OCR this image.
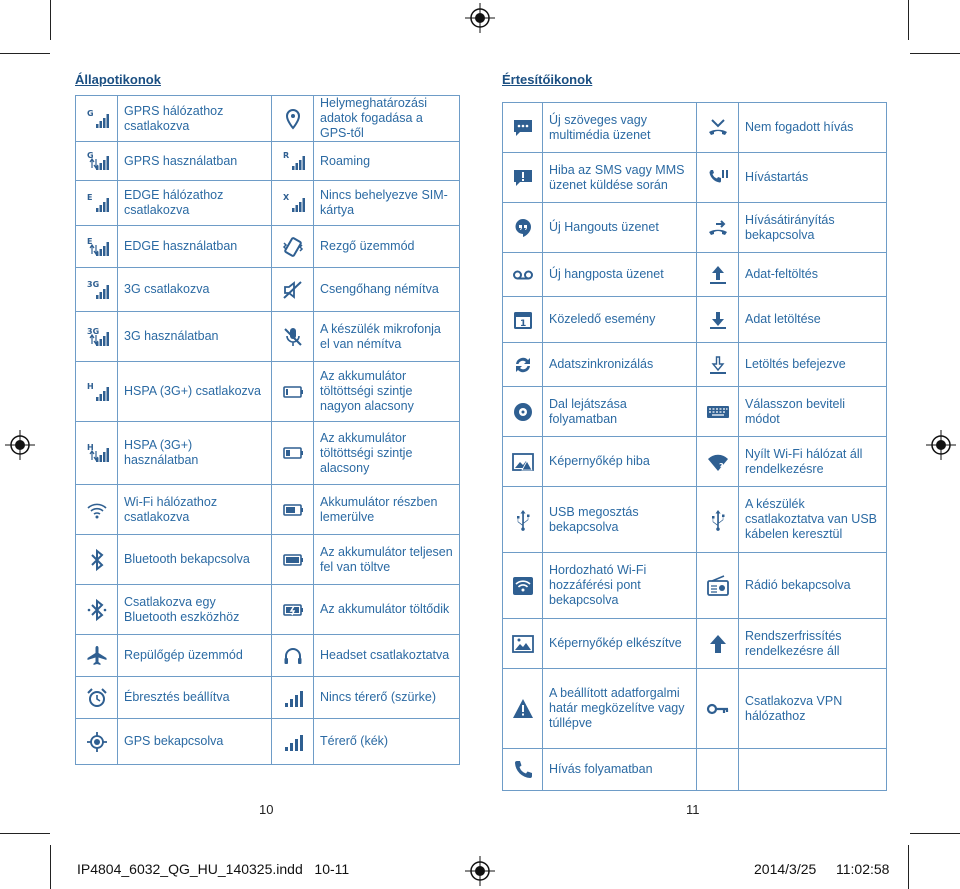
Állapotikonok	Értesítőikonok
G	GPRS hálózathoz csatlakozva		Helymeghatározási adatok fogadása a GPS-től

G	GPRS használatban	R	Roaming

E	EDGE hálózathoz csatlakozva	X	Nincs behelyezve SIM-kártya

E	EDGE használatban		Rezgő üzemmód

3G	3G csatlakozva		Csengőhang némítva

3G	3G használatban		A készülék mikrofonja el van némítva

H	HSPA (3G+) csatlakozva		Az akkumulátor töltöttségi szintje nagyon alacsony

H	HSPA (3G+) használatban		Az akkumulátor töltöttségi szintje alacsony

	Wi-Fi hálózathoz csatlakozva		Akkumulátor részben lemerülve

	Bluetooth bekapcsolva		Az akkumulátor teljesen fel van töltve

	Csatlakozva egy Bluetooth eszközhöz		Az akkumulátor töltődik

	Repülőgép üzemmód		Headset csatlakoztatva

	Ébresztés beállítva		Nincs térerő (szürke)

	GPS bekapcsolva		Térerő (kék)
	Új szöveges vagy multimédia üzenet		Nem fogadott hívás

	Hiba az SMS vagy MMS üzenet küldése során		Hívástartás

	Új Hangouts üzenet		Hívásátirányítás bekapcsolva

	Új hangposta üzenet		Adat-feltöltés

1	Közeledő esemény		Adat letöltése

	Adatszinkronizálás		Letöltés befejezve

	Dal lejátszása folyamatban		Válasszon beviteli módot

	Képernyőkép hiba	?	Nyílt Wi-Fi hálózat áll rendelkezésre

	USB megosztás bekapcsolva		A készülék csatlakoztatva van USB kábelen keresztül

	Hordozható Wi-Fi hozzáférési pont bekapcsolva		Rádió bekapcsolva

	Képernyőkép elkészítve		Rendszerfrissítés rendelkezésre áll

	A beállított adatforgalmi határ megközelítve vagy túllépve		Csatlakozva VPN hálózathoz

	Hívás folyamatban		
10	11
IP4804_6032_QG_HU_140325.indd   10-11	2014/3/25 11:02:58
